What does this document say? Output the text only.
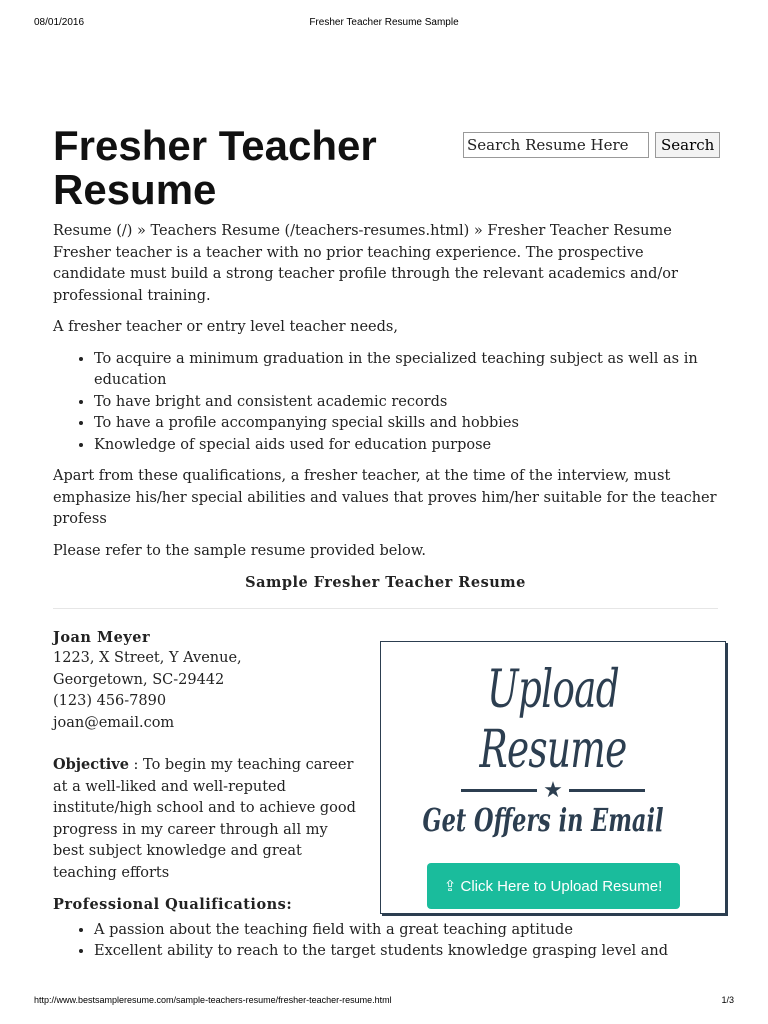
08/01/2016	Fresher Teacher Resume Sample
Fresher Teacher Resume
Search Resume Here
Search
Resume (/) » Teachers Resume (/teachers-resumes.html) » Fresher Teacher Resume

Fresher teacher is a teacher with no prior teaching experience. The prospective candidate must build a strong teacher profile through the relevant academics and/or professional training.

A fresher teacher or entry level teacher needs,

• To acquire a minimum graduation in the specialized teaching subject as well as in education
• To have bright and consistent academic records
• To have a profile accompanying special skills and hobbies
• Knowledge of special aids used for education purpose

Apart from these qualifications, a fresher teacher, at the time of the interview, must emphasize his/her special abilities and values that proves him/her suitable for the teacher profess

Please refer to the sample resume provided below.

Sample Fresher Teacher Resume
Joan Meyer
1223, X Street, Y Avenue,
Georgetown, SC-29442
(123) 456-7890
joan@email.com

Objective : To begin my teaching career at a well-liked and well-reputed institute/high school and to achieve good progress in my career through all my best subject knowledge and great teaching efforts

Professional Qualifications:
• A passion about the teaching field with a great teaching aptitude
• Excellent ability to reach to the target students knowledge grasping level and
Upload Resume
★
Get Offers in Email
⇪ Click Here to Upload Resume!
http://www.bestsampleresume.com/sample-teachers-resume/fresher-teacher-resume.html	1/3
